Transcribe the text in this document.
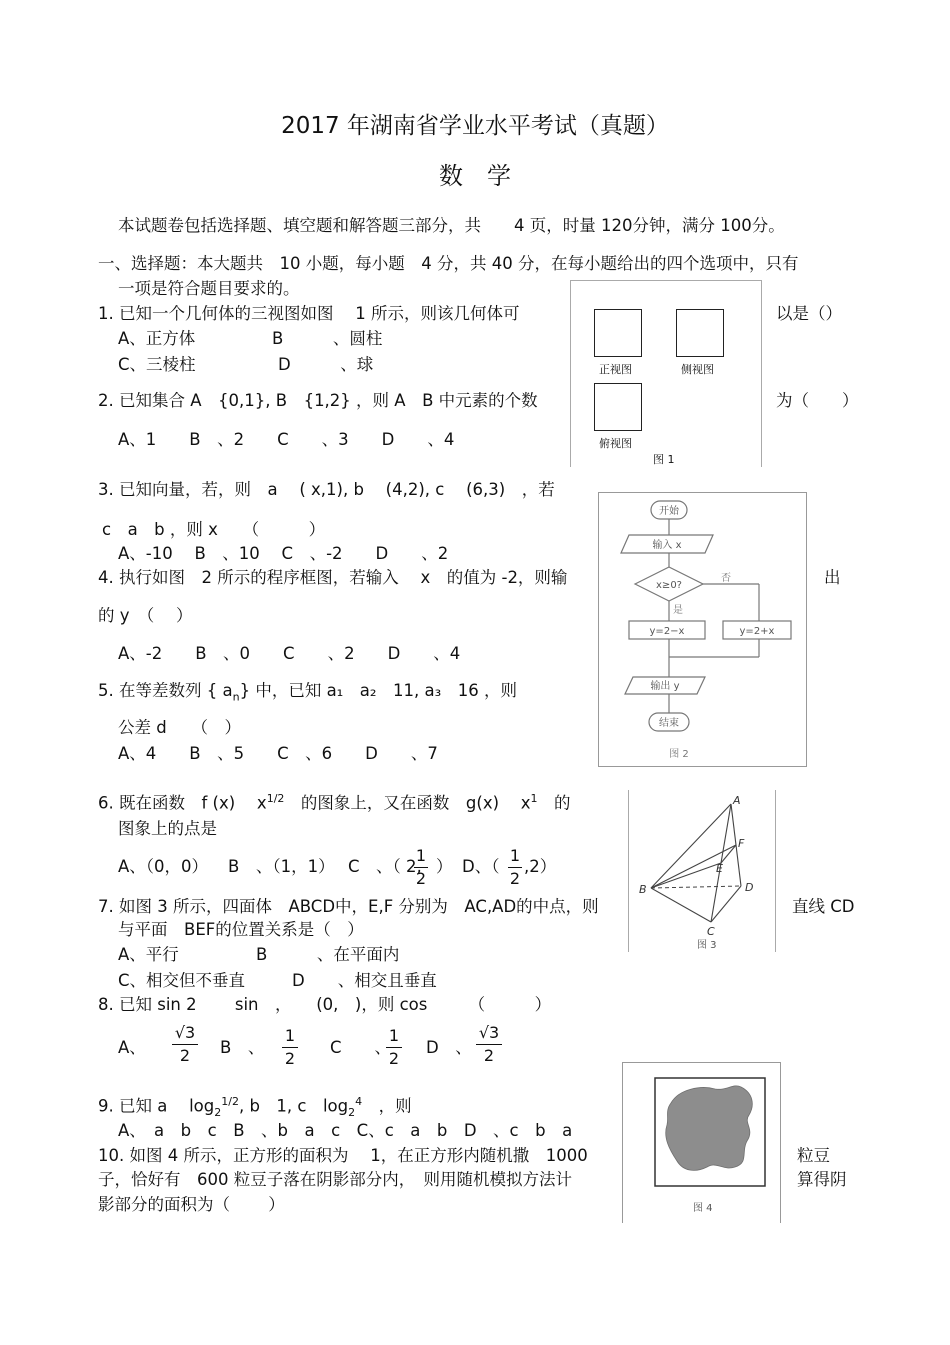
2017 年湖南省学业水平考试（真题）
数　学
本试题卷包括选择题、填空题和解答题三部分，共　　4 页，时量 120分钟，满分 100分。
一、选择题：本大题共　10 小题，每小题　4 分，共 40 分，在每小题给出的四个选项中，只有
一项是符合题目要求的。
1. 已知一个几何体的三视图如图　 1 所示，则该几何体可	以是（）
A、正方体	B　　　、圆柱
C、三棱柱	D　　　、球
2. 已知集合 A　{0,1}, B　{1,2} ，则 A　B 中元素的个数	为（　　）
A、1　　B　、2　　C　　、3　　D　　、4
3. 已知向量，若，则　a　 ( x,1), b　 (4,2), c　 (6,3)　，若
c　a　b ，则 x　　（　　　）
A、-10　 B　、10　 C　、-2　　D　　、2
4. 执行如图　2 所示的程序框图，若输入　 x　的值为 -2，则输	出
的 y　（　 ）
A、-2　　B　、0　　C　　、2　　D　　、4
5. 在等差数列 { $a_n$} 中，已知 a₁　a₂　11, a₃　16 ，则
公差 d　　（　）
A、4　　B　、5　　C　、6　　D　　、7
6. 既在函数　f (x)　 $x^{1/2}$　 的图象上，又在函数　g(x)　 $x^1$　 的
图象上的点是
A、（0，0） B　、（1，1） C　、（ 2,
1
2
） D、（
1
2
,2）
7. 如图 3 所示，四面体　ABCD中，E,F 分别为　AC,AD的中点，则	直线 CD
与平面　BEF的位置关系是（　）
A、平行	B　　　、在平面内
C、相交但不垂直	D　　、相交且垂直
8. 已知 sin 2　　 sin　，　　(0,　)，则 cos　　　（　　　）
A、
√3
2	B　、
1
2
C　　、
1
2
D　、
√3
2
9. 已知 a　 $\log_2^{1/2}$, b　1, c　$\log_2^4$　 ，则
A、　a　b　c　B　、b　a　c　C、c　a　b　D　、c　b　a
10. 如图 4 所示，正方形的面积为　 1，在正方形内随机撒　1000	粒豆
子，恰好有　600 粒豆子落在阴影部分内，　则用随机模拟方法计	算得阴
影部分的面积为（　　 ）
正视图	侧视图
俯视图
图 1
开始
输入 x
x≥0?
否
是
y=2−x	y=2+x
输出 y
结束
图 2
A
B
C
D
E
F
图 3
图 4
